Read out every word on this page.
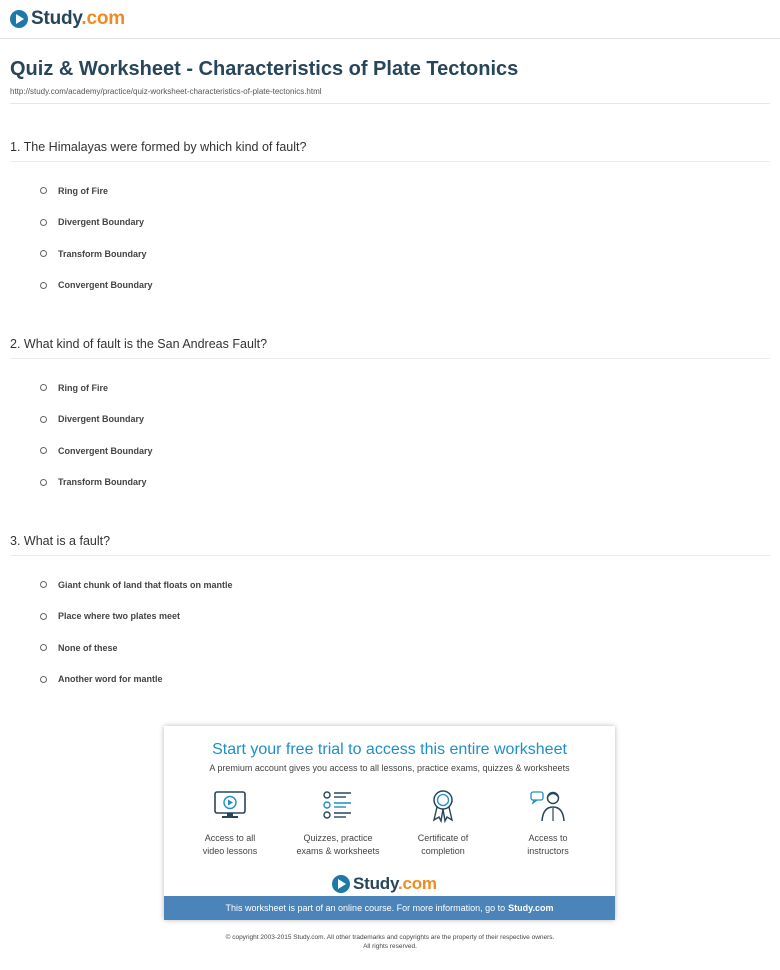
Study.com
Quiz & Worksheet - Characteristics of Plate Tectonics
http://study.com/academy/practice/quiz-worksheet-characteristics-of-plate-tectonics.html
1. The Himalayas were formed by which kind of fault?
Ring of Fire
Divergent Boundary
Transform Boundary
Convergent Boundary
2. What kind of fault is the San Andreas Fault?
Ring of Fire
Divergent Boundary
Convergent Boundary
Transform Boundary
3. What is a fault?
Giant chunk of land that floats on mantle
Place where two plates meet
None of these
Another word for mantle
Start your free trial to access this entire worksheet
A premium account gives you access to all lessons, practice exams, quizzes & worksheets
Access to all
video lessons
Quizzes, practice
exams & worksheets
Certificate of
completion
Access to
instructors
Study.com
This worksheet is part of an online course. For more information, go to Study.com
© copyright 2003-2015 Study.com. All other trademarks and copyrights are the property of their respective owners.
All rights reserved.
